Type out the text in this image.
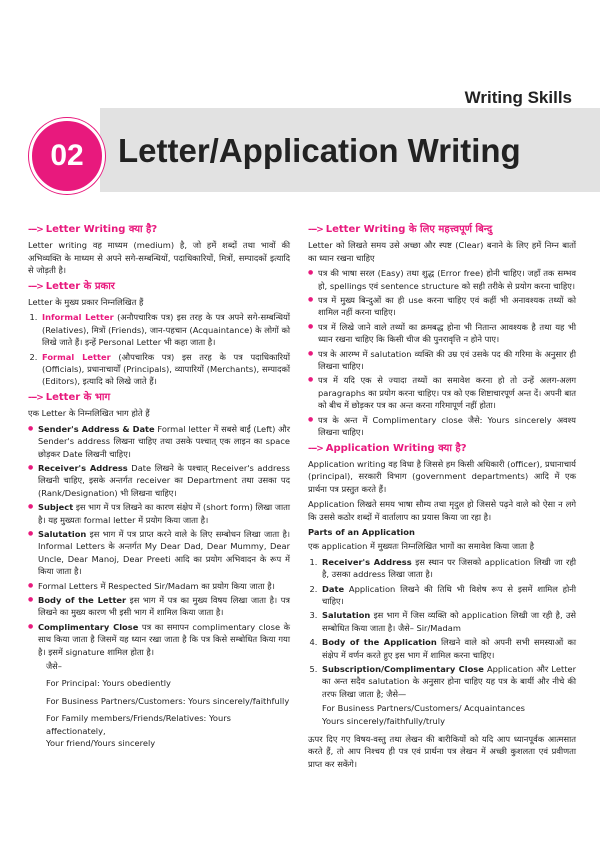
Writing Skills
02	Letter/Application Writing
---> Letter Writing क्या है?

Letter writing वह माध्यम (medium) है, जो हमें शब्दों तथा भावों की अभिव्यक्ति के माध्यम से अपने सगे-सम्बन्धियों, पदाधिकारियों, मित्रों, सम्पादकों इत्यादि से जोड़ती है।

---> Letter के प्रकार

Letter के मुख्य प्रकार निम्नलिखित हैं

1. Informal Letter (अनौपचारिक पत्र) इस तरह के पत्र अपने सगे-सम्बन्धियों (Relatives), मित्रों (Friends), जान-पहचान (Acquaintance) के लोगों को लिखे जाते हैं। इन्हें Personal Letter भी कहा जाता है।
2. Formal Letter (औपचारिक पत्र) इस तरह के पत्र पदाधिकारियों (Officials), प्रधानाचार्यों (Principals), व्यापारियों (Merchants), सम्पादकों (Editors), इत्यादि को लिखे जाते हैं।
---> Letter के भाग

एक Letter के निम्नलिखित भाग होते हैं

● Sender's Address & Date Formal letter में सबसे बाईं (Left) और Sender's address लिखना चाहिए तथा उसके पश्चात् एक लाइन का space छोड़कर Date लिखनी चाहिए।
● Receiver's Address Date लिखने के पश्चात् Receiver's address लिखनी चाहिए, इसके अन्तर्गत receiver का Department तथा उसका पद (Rank/Designation) भी लिखना चाहिए।
● Subject इस भाग में पत्र लिखने का कारण संक्षेप में (short form) लिखा जाता है। यह मुख्यतः formal letter में प्रयोग किया जाता है।
● Salutation इस भाग में पत्र प्राप्त करने वाले के लिए सम्बोधन लिखा जाता है। Informal Letters के अन्तर्गत My Dear Dad, Dear Mummy, Dear Uncle, Dear Manoj, Dear Preeti आदि का प्रयोग अभिवादन के रूप में किया जाता है।
● Formal Letters में Respected Sir/Madam का प्रयोग किया जाता है।
● Body of the Letter इस भाग में पत्र का मुख्य विषय लिखा जाता है। पत्र लिखने का मुख्य कारण भी इसी भाग में शामिल किया जाता है।
● Complimentary Close पत्र का समापन complimentary close के साथ किया जाता है जिसमें यह ध्यान रखा जाता है कि पत्र किसे सम्बोधित किया गया है। इसमें signature शामिल होता है।
जैसे–
For Principal: Yours obediently
For Business Partners/Customers: Yours sincerely/faithfully
For Family members/Friends/Relatives: Yours affectionately,
Your friend/Yours sincerely
---> Letter Writing के लिए महत्त्वपूर्ण बिन्दु

Letter को लिखते समय उसे अच्छा और स्पष्ट (Clear) बनाने के लिए हमें निम्न बातों का ध्यान रखना चाहिए

● पत्र की भाषा सरल (Easy) तथा शुद्ध (Error free) होनी चाहिए। जहाँ तक सम्भव हो, spellings एवं sentence structure को सही तरीके से प्रयोग करना चाहिए।
● पत्र में मुख्य बिन्दुओं का ही use करना चाहिए एवं कहीं भी अनावश्यक तथ्यों को शामिल नहीं करना चाहिए।
● पत्र में लिखे जाने वाले तथ्यों का क्रमबद्ध होना भी नितान्त आवश्यक है तथा यह भी ध्यान रखना चाहिए कि किसी चीज की पुनरावृत्ति न होने पाए।
● पत्र के आरम्भ में salutation व्यक्ति की उम्र एवं उसके पद की गरिमा के अनुसार ही लिखना चाहिए।
● पत्र में यदि एक से ज्यादा तथ्यों का समावेश करना हो तो उन्हें अलग-अलग paragraphs का प्रयोग करना चाहिए। पत्र को एक शिष्टाचारपूर्ण अन्त दें। अपनी बात को बीच में छोड़कर पत्र का अन्त करना गरिमापूर्ण नहीं होता।
● पत्र के अन्त में Complimentary close जैसे: Yours sincerely अवश्य लिखना चाहिए।
---> Application Writing क्या है?

Application writing वह विधा है जिससे हम किसी अधिकारी (officer), प्रधानाचार्य (principal), सरकारी विभाग (government departments) आदि में एक प्रार्थना पत्र प्रस्तुत करते हैं।

Application लिखते समय भाषा सौम्य तथा मृदुल हो जिससे पढ़ने वाले को ऐसा न लगे कि उससे कठोर शब्दों में वार्तालाप का प्रयास किया जा रहा है।

Parts of an Application

एक application में मुख्यतः निम्नलिखित भागों का समावेश किया जाता है

1. Receiver's Address इस स्थान पर जिसको application लिखी जा रही है, उसका address लिखा जाता है।
2. Date Application लिखने की तिथि भी विशेष रूप से इसमें शामिल होनी चाहिए।
3. Salutation इस भाग में जिस व्यक्ति को application लिखी जा रही है, उसे सम्बोधित किया जाता है। जैसे– Sir/Madam
4. Body of the Application लिखने वाले को अपनी सभी समस्याओं का संक्षेप में वर्णन करते हुए इस भाग में शामिल करना चाहिए।
5. Subscription/Complimentary Close Application और Letter का अन्त सदैव salutation के अनुसार होना चाहिए यह पत्र के बायीं और नीचे की तरफ लिखा जाता है; जैसे—
For Business Partners/Customers/ Acquaintances
Yours sincerely/faithfully/truly

ऊपर दिए गए विषय-वस्तु तथा लेखन की बारीकियों को यदि आप ध्यानपूर्वक आत्मसात करते हैं, तो आप निश्चय ही पत्र एवं प्रार्थना पत्र लेखन में अच्छी कुशलता एवं प्रवीणता प्राप्त कर सकेंगे।
